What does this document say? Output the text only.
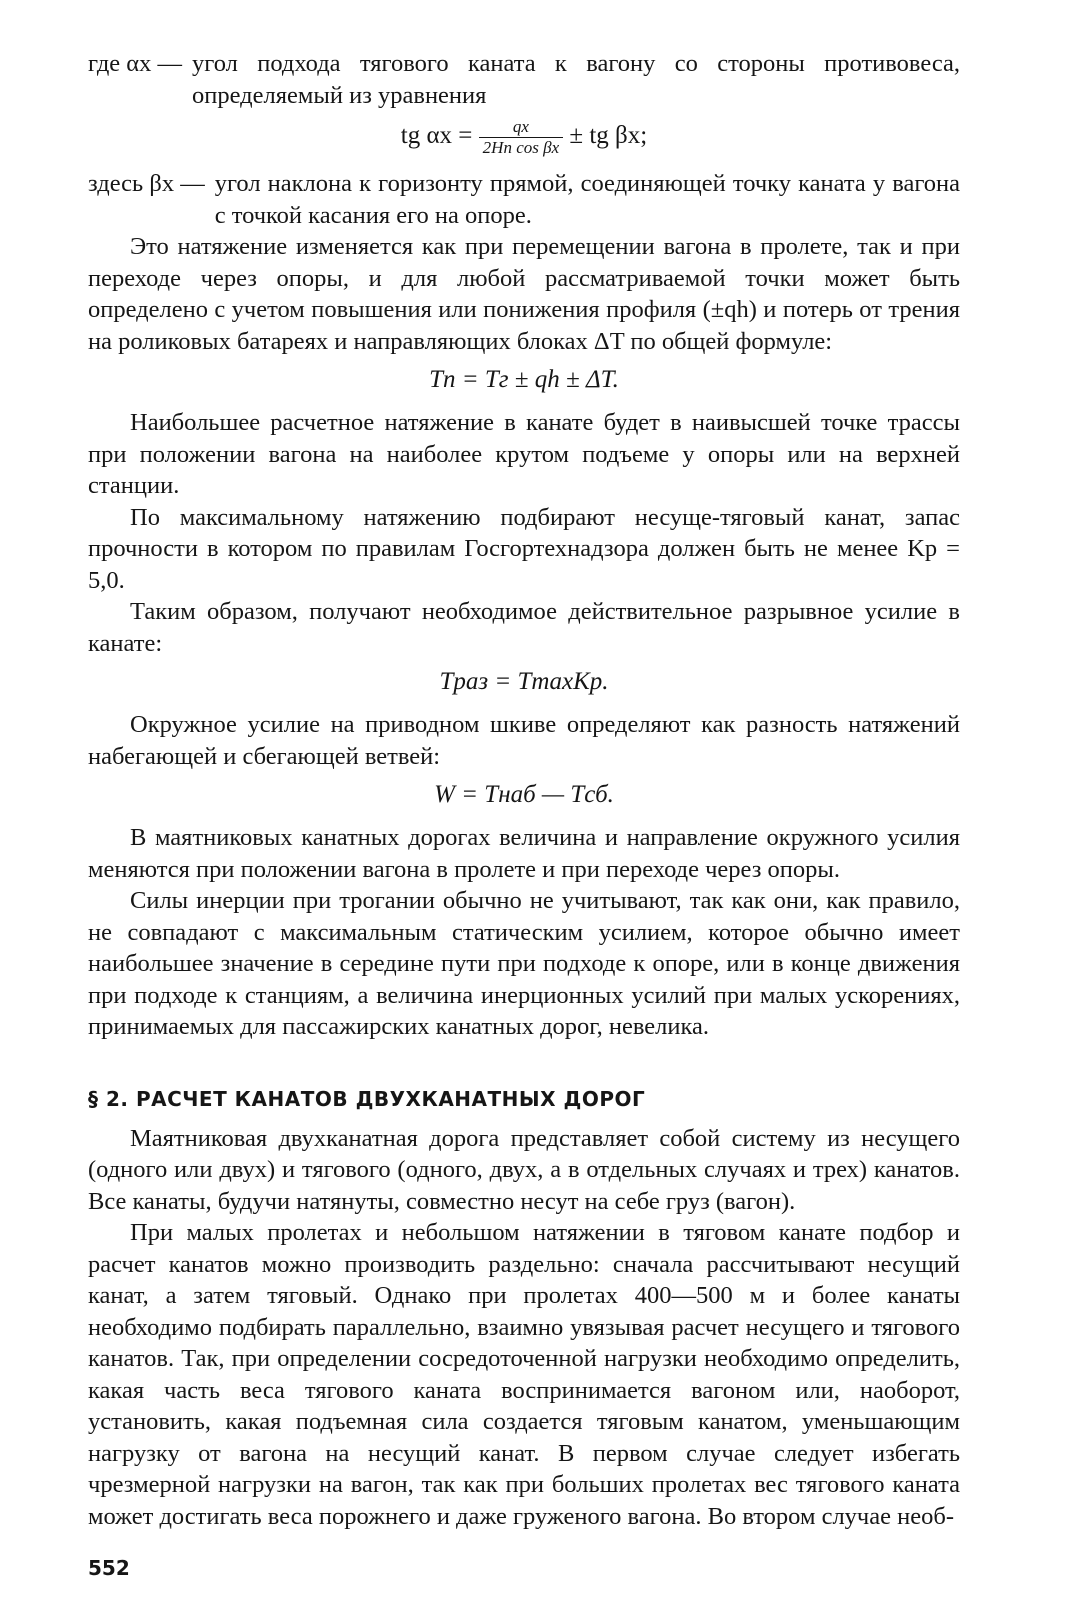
где αx — угол подхода тягового каната к вагону со стороны противовеса, определяемый из уравнения
tg $\alpha x = \frac{qx}{\text{2Hn cos βx}}$ ± tg βx;
здесь βx — угол наклона к горизонту прямой, соединяющей точку каната у вагона с точкой касания его на опоре.

Это натяжение изменяется как при перемещении вагона в пролете, так и при переходе через опоры, и для любой рассматриваемой точки может быть определено с учетом повышения или понижения профиля (±qh) и потерь от трения на роликовых батареях и направляющих блоках ΔT по общей формуле:

Tn = Tг ± qh ± ΔT.

Наибольшее расчетное натяжение в канате будет в наивысшей точке трассы при положении вагона на наиболее крутом подъеме у опоры или на верхней станции.

По максимальному натяжению подбирают несуще-тяговый канат, запас прочности в котором по правилам Госгортехнадзора должен быть не менее Kp = 5,0.

Таким образом, получают необходимое действительное разрывное усилие в канате:

Tраз = TmaxKp.

Окружное усилие на приводном шкиве определяют как разность натяжений набегающей и сбегающей ветвей:

W = Tнаб — Tсб.

В маятниковых канатных дорогах величина и направление окружного усилия меняются при положении вагона в пролете и при переходе через опоры.

Силы инерции при трогании обычно не учитывают, так как они, как правило, не совпадают с максимальным статическим усилием, которое обычно имеет наибольшее значение в середине пути при подходе к опоре, или в конце движения при подходе к станциям, а величина инерционных усилий при малых ускорениях, принимаемых для пассажирских канатных дорог, невелика.

§ 2. РАСЧЕТ КАНАТОВ ДВУХКАНАТНЫХ ДОРОГ

Маятниковая двухканатная дорога представляет собой систему из несущего (одного или двух) и тягового (одного, двух, а в отдельных случаях и трех) канатов. Все канаты, будучи натянуты, совместно несут на себе груз (вагон).

При малых пролетах и небольшом натяжении в тяговом канате подбор и расчет канатов можно производить раздельно: сначала рассчитывают несущий канат, а затем тяговый. Однако при пролетах 400—500 м и более канаты необходимо подбирать параллельно, взаимно увязывая расчет несущего и тягового канатов. Так, при определении сосредоточенной нагрузки необходимо определить, какая часть веса тягового каната воспринимается вагоном или, наоборот, установить, какая подъемная сила создается тяговым канатом, уменьшающим нагрузку от вагона на несущий канат. В первом случае следует избегать чрезмерной нагрузки на вагон, так как при больших пролетах вес тягового каната может достигать веса порожнего и даже груженого вагона. Во втором случае необ-

552
